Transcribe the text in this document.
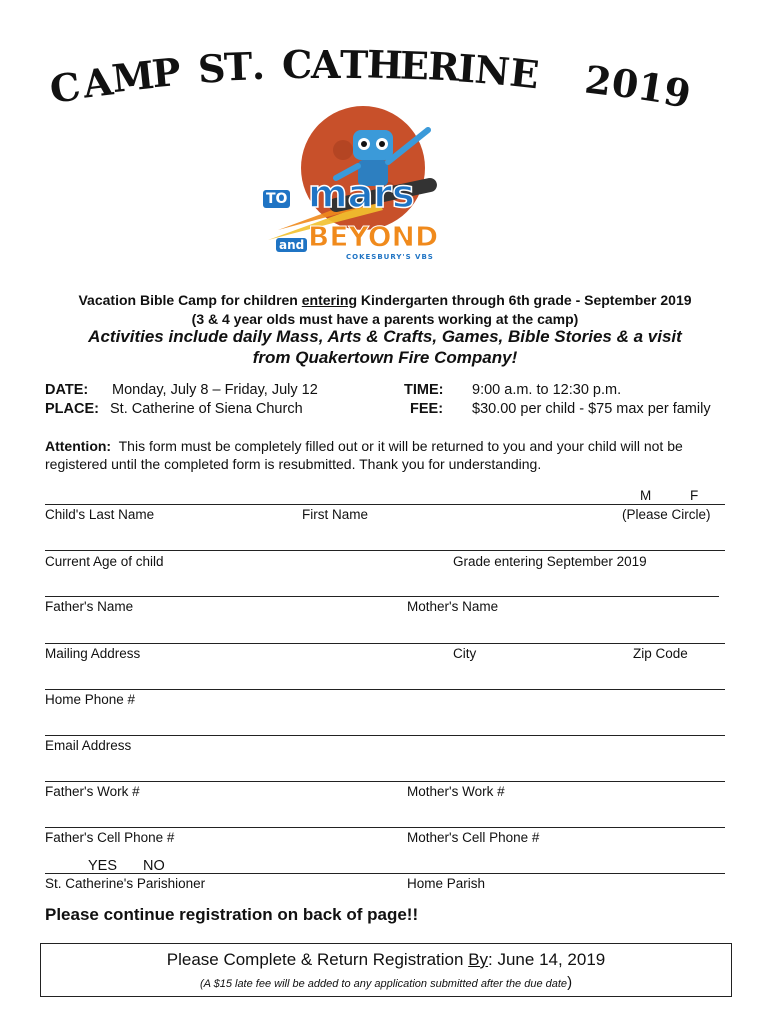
C
A
M
P S
T
. C
A
T
H
E
R
I
N
E 2
0
1
9
TO mars
and BEYOND
COKESBURY'S VBS
Vacation Bible Camp for children entering Kindergarten through 6th grade - September 2019
(3 & 4 year olds must have a parents working at the camp)
Activities include daily Mass, Arts & Crafts, Games, Bible Stories & a visit
from Quakertown Fire Company!
DATE: Monday, July 8 – Friday, July 12
PLACE: St. Catherine of Siena Church
TIME: 9:00 a.m. to 12:30 p.m.
FEE: $30.00 per child - $75 max per family
Attention: This form must be completely filled out or it will be returned to you and your child will not be registered until the completed form is resubmitted. Thank you for understanding.
M	F
Child's Last Name	First Name	(Please Circle)
Current Age of child	Grade entering September 2019
Father's Name	Mother's Name
Mailing Address	City	Zip Code
Home Phone #
Email Address
Father's Work #	Mother's Work #
Father's Cell Phone #	Mother's Cell Phone #
YES NO
St. Catherine's Parishioner	Home Parish
Please continue registration on back of page!!
Please Complete & Return Registration By: June 14, 2019
(A $15 late fee will be added to any application submitted after the due date)
